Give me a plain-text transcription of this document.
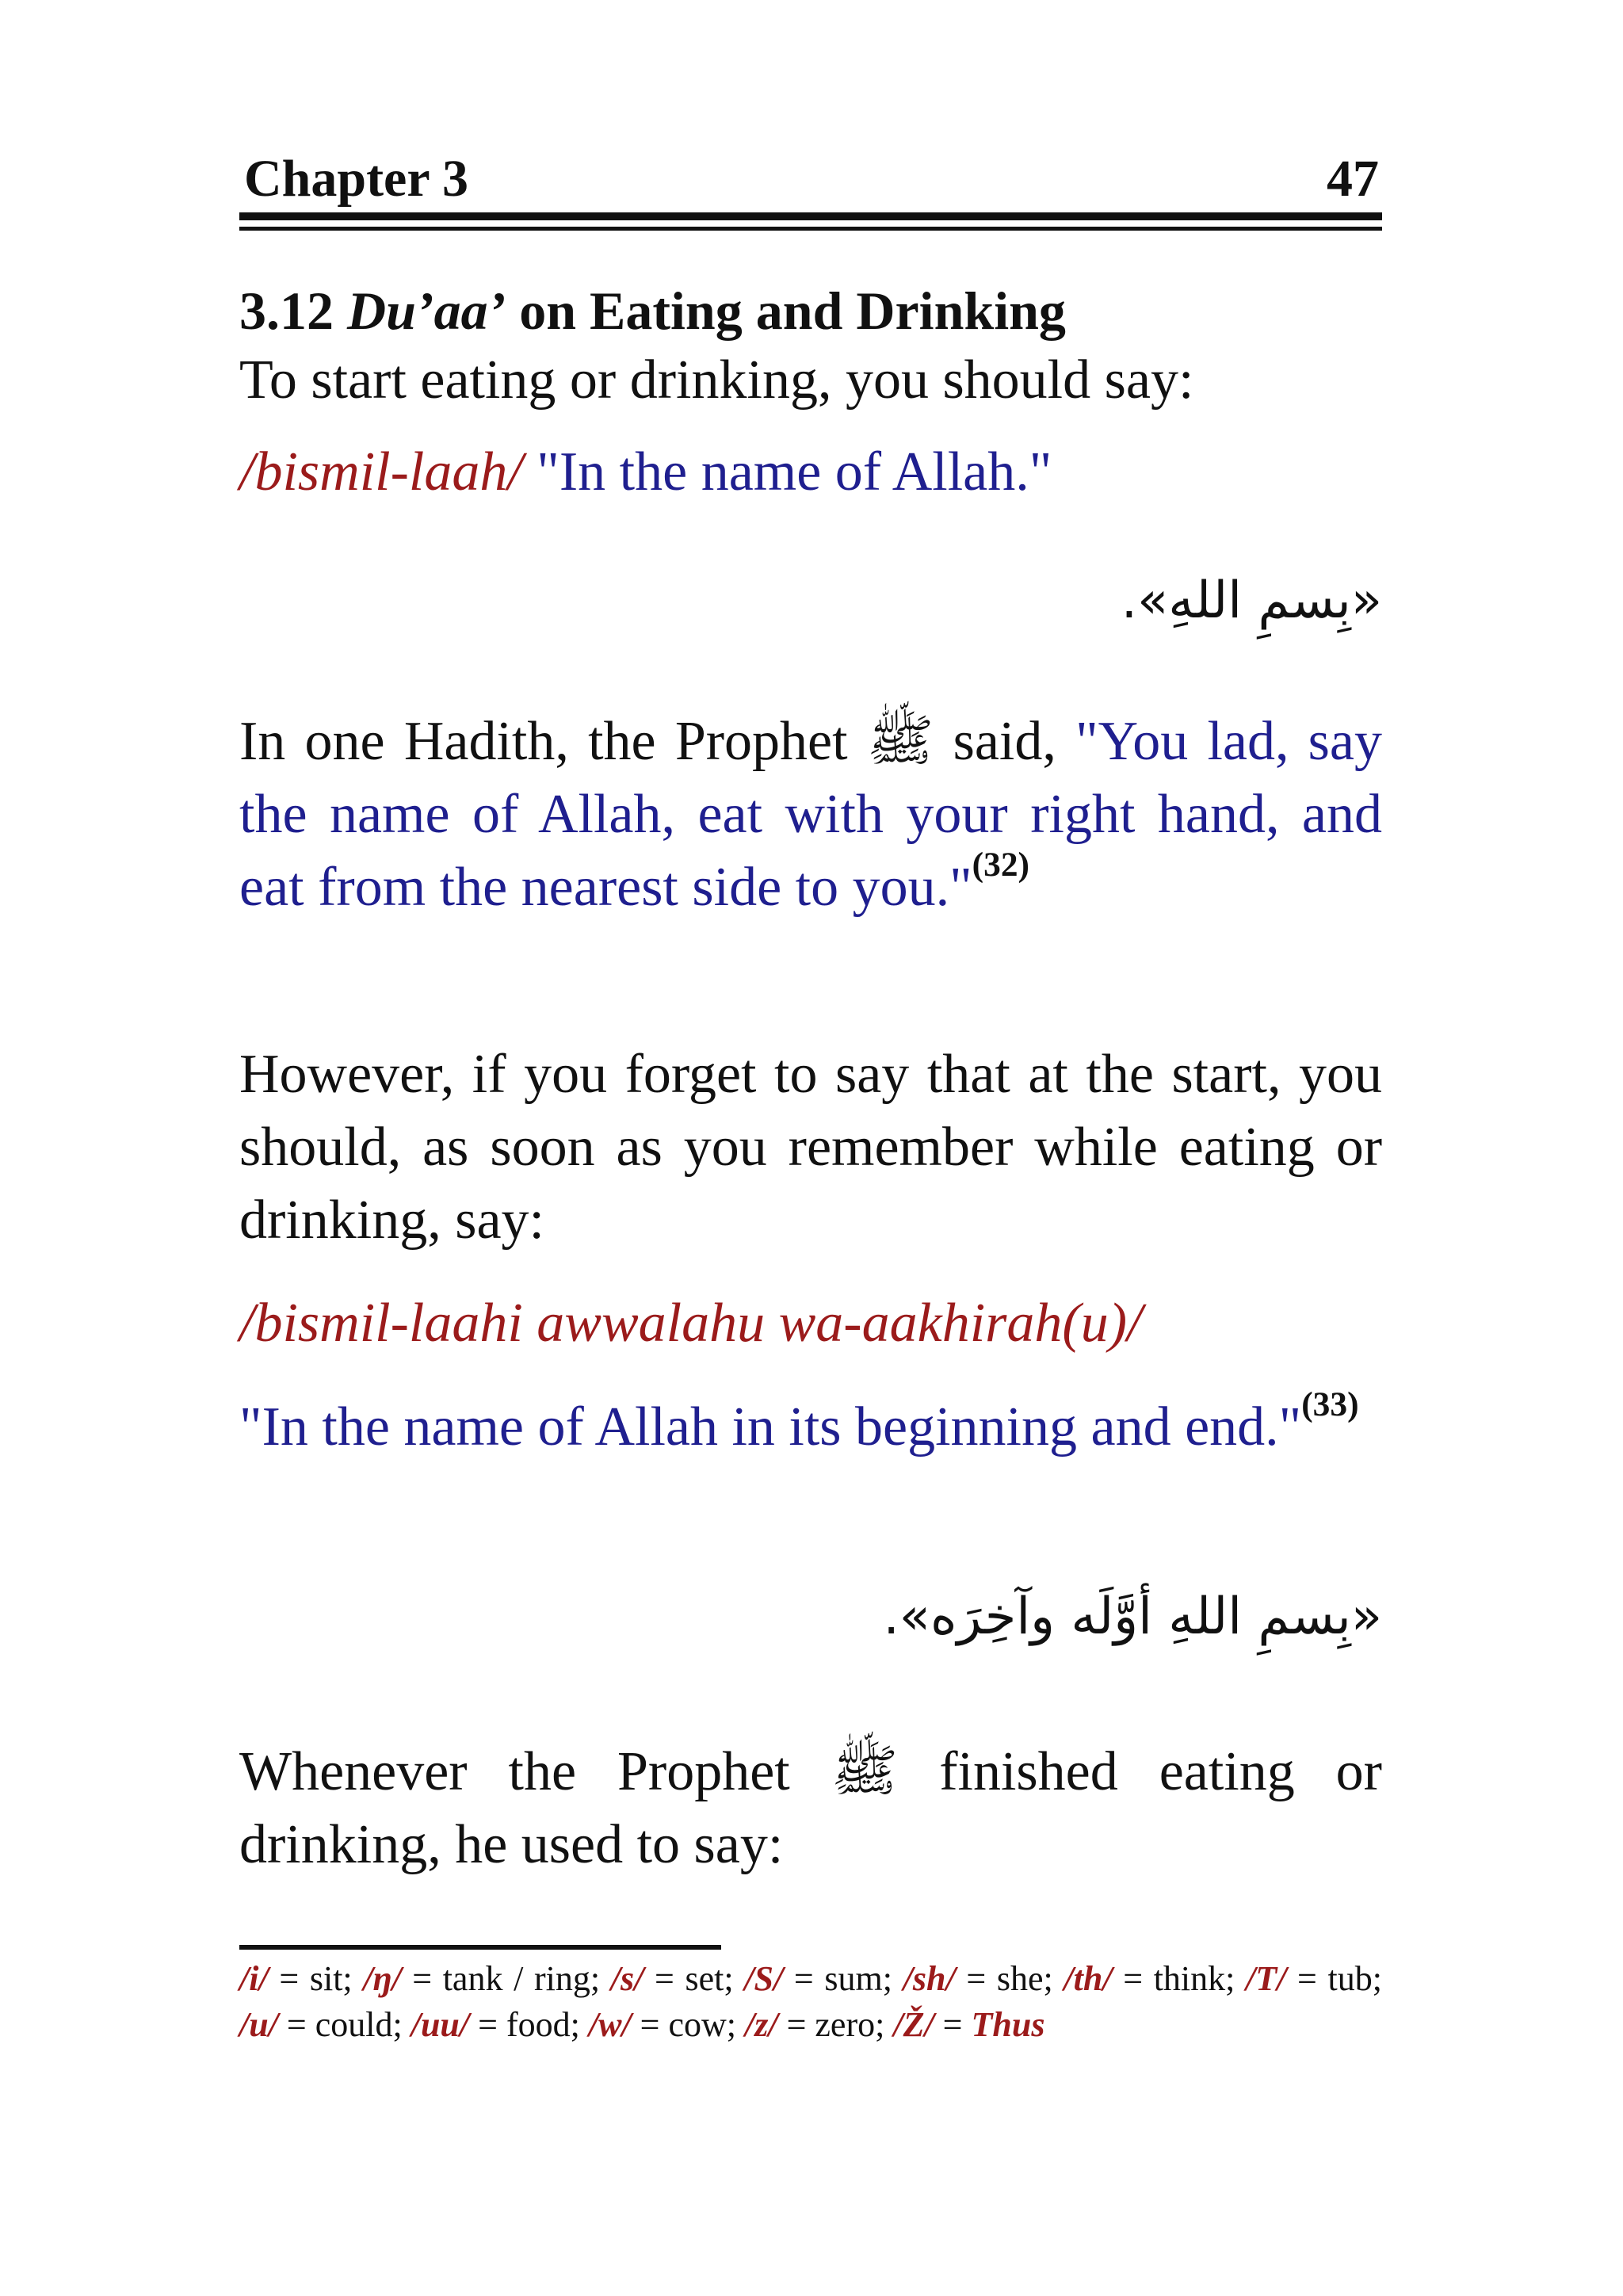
Chapter 3	47
3.12 Du’aa’ on Eating and Drinking
To start eating or drinking, you should say:
/bismil-laah/ "In the name of Allah."
«بِسمِ اللهِ».
In one Hadith, the Prophet ﷺ said, "You lad, say the name of Allah, eat with your right hand, and eat from the nearest side to you."$^{(32)}$
However, if you forget to say that at the start, you should, as soon as you remember while eating or drinking, say:
/bismil-laahi awwalahu wa-aakhirah(u)/
"In the name of Allah in its beginning and end."$^{(33)}$
«بِسمِ اللهِ أوَّلَه وآخِرَه».
Whenever the Prophet ﷺ finished eating or drinking, he used to say:
/i/ = sit; /ŋ/ = tank / ring; /s/ = set; /S/ = sum; /sh/ = she; /th/ = think; /T/ = tub; /u/ = could; /uu/ = food; /w/ = cow; /z/ = zero; /Ž/ = Thus
